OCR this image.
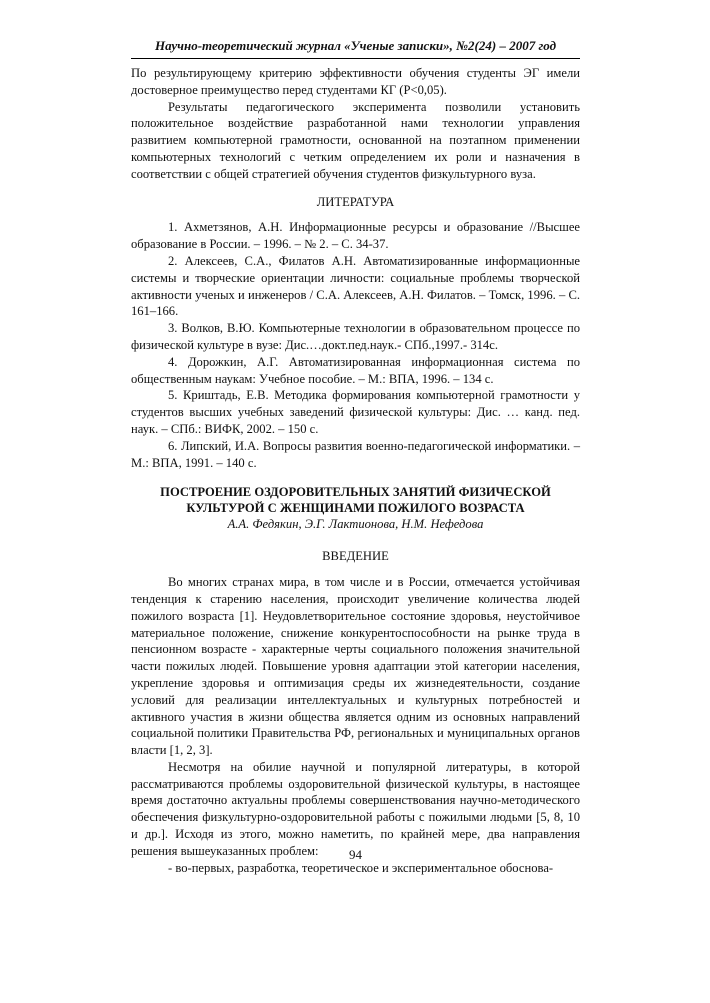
Научно-теоретический журнал «Ученые записки», №2(24) – 2007 год

По результирующему критерию эффективности обучения студенты ЭГ имели достоверное преимущество перед студентами КГ (Р<0,05).

Результаты педагогического эксперимента позволили установить положительное воздействие разработанной нами технологии управления развитием компьютерной грамотности, основанной на поэтапном применении компьютерных технологий с четким определением их роли и назначения в соответствии с общей стратегией обучения студентов физкультурного вуза.

ЛИТЕРАТУРА

1. Ахметзянов, А.Н. Информационные ресурсы и образование //Высшее образование в России. – 1996. – № 2. – С. 34-37.

2. Алексеев, С.А., Филатов А.Н. Автоматизированные информационные системы и творческие ориентации личности: социальные проблемы творческой активности ученых и инженеров / С.А. Алексеев, А.Н. Филатов. – Томск, 1996. – С. 161–166.

3. Волков, В.Ю. Компьютерные технологии в образовательном процессе по физической культуре в вузе: Дис.…докт.пед.наук.- СПб.,1997.- 314с.

4. Дорожкин, А.Г. Автоматизированная информационная система по общественным наукам: Учебное пособие. – М.: ВПА, 1996. – 134 с.

5. Криштадь, Е.В. Методика формирования компьютерной грамотности у студентов высших учебных заведений физической культуры: Дис. … канд. пед. наук. – СПб.: ВИФК, 2002. – 150 с.

6. Липский, И.А. Вопросы развития военно-педагогической информатики. – М.: ВПА, 1991. – 140 с.

ПОСТРОЕНИЕ ОЗДОРОВИТЕЛЬНЫХ ЗАНЯТИЙ ФИЗИЧЕСКОЙ
КУЛЬТУРОЙ С ЖЕНЩИНАМИ ПОЖИЛОГО ВОЗРАСТА
А.А. Федякин, Э.Г. Лактионова, Н.М. Нефедова
ВВЕДЕНИЕ

Во многих странах мира, в том числе и в России, отмечается устойчивая тенденция к старению населения, происходит увеличение количества людей пожилого возраста [1]. Неудовлетворительное состояние здоровья, неустойчивое материальное положение, снижение конкурентоспособности на рынке труда в пенсионном возрасте - характерные черты социального положения значительной части пожилых людей. Повышение уровня адаптации этой категории населения, укрепление здоровья и оптимизация среды их жизнедеятельности, создание условий для реализации интеллектуальных и культурных потребностей и активного участия в жизни общества является одним из основных направлений социальной политики Правительства РФ, региональных и муниципальных органов власти [1, 2, 3].

Несмотря на обилие научной и популярной литературы, в которой рассматриваются проблемы оздоровительной физической культуры, в настоящее время достаточно актуальны проблемы совершенствования научно-методического обеспечения физкультурно-оздоровительной работы с пожилыми людьми [5, 8, 10 и др.]. Исходя из этого, можно наметить, по крайней мере, два направления решения вышеуказанных проблем:

- во-первых, разработка, теоретическое и экспериментальное обоснова-

94
